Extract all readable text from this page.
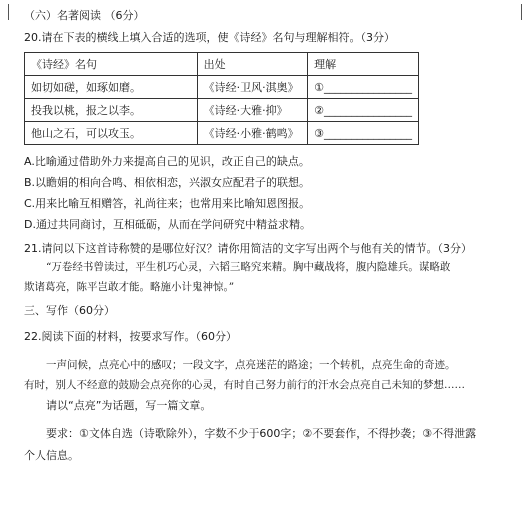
（六）名著阅读 （6分）
20.请在下表的横线上填入合适的选项，使《诗经》名句与理解相符。（3分）
《诗经》名句	出处	理解
如切如磋，如琢如磨。	《诗经·卫风·淇奥》	①________________
投我以桃，报之以李。	《诗经·大雅·抑》	②________________
他山之石，可以攻玉。	《诗经·小雅·鹤鸣》	③________________
A.比喻通过借助外力来提高自己的见识，改正自己的缺点。
B.以瞻娟的相向合鸣、相依相恋，兴淑女应配君子的联想。
C.用来比喻互相赠答，礼尚往来；也常用来比喻知恩图报。
D.通过共同商讨，互相砥砺，从而在学问研究中精益求精。
21.请问以下这首诗称赞的是哪位好汉？请你用简洁的文字写出两个与他有关的情节。（3分）
“万卷经书曾读过，平生机巧心灵，六韬三略究来精。胸中藏战将，腹内隐雄兵。谋略敢
欺诸葛亮，陈平岂敢才能。略施小计鬼神惊。”
三、写作（60分）
22.阅读下面的材料，按要求写作。（60分）
一声问候，点亮心中的感叹；一段文字，点亮迷茫的路途；一个转机，点亮生命的奇迹。
有时，别人不经意的鼓励会点亮你的心灵，有时自己努力前行的汗水会点亮自己未知的梦想……
请以“点亮”为话题，写一篇文章。
要求：①文体自选（诗歌除外），字数不少于600字；②不要套作，不得抄袭；③不得泄露
个人信息。
